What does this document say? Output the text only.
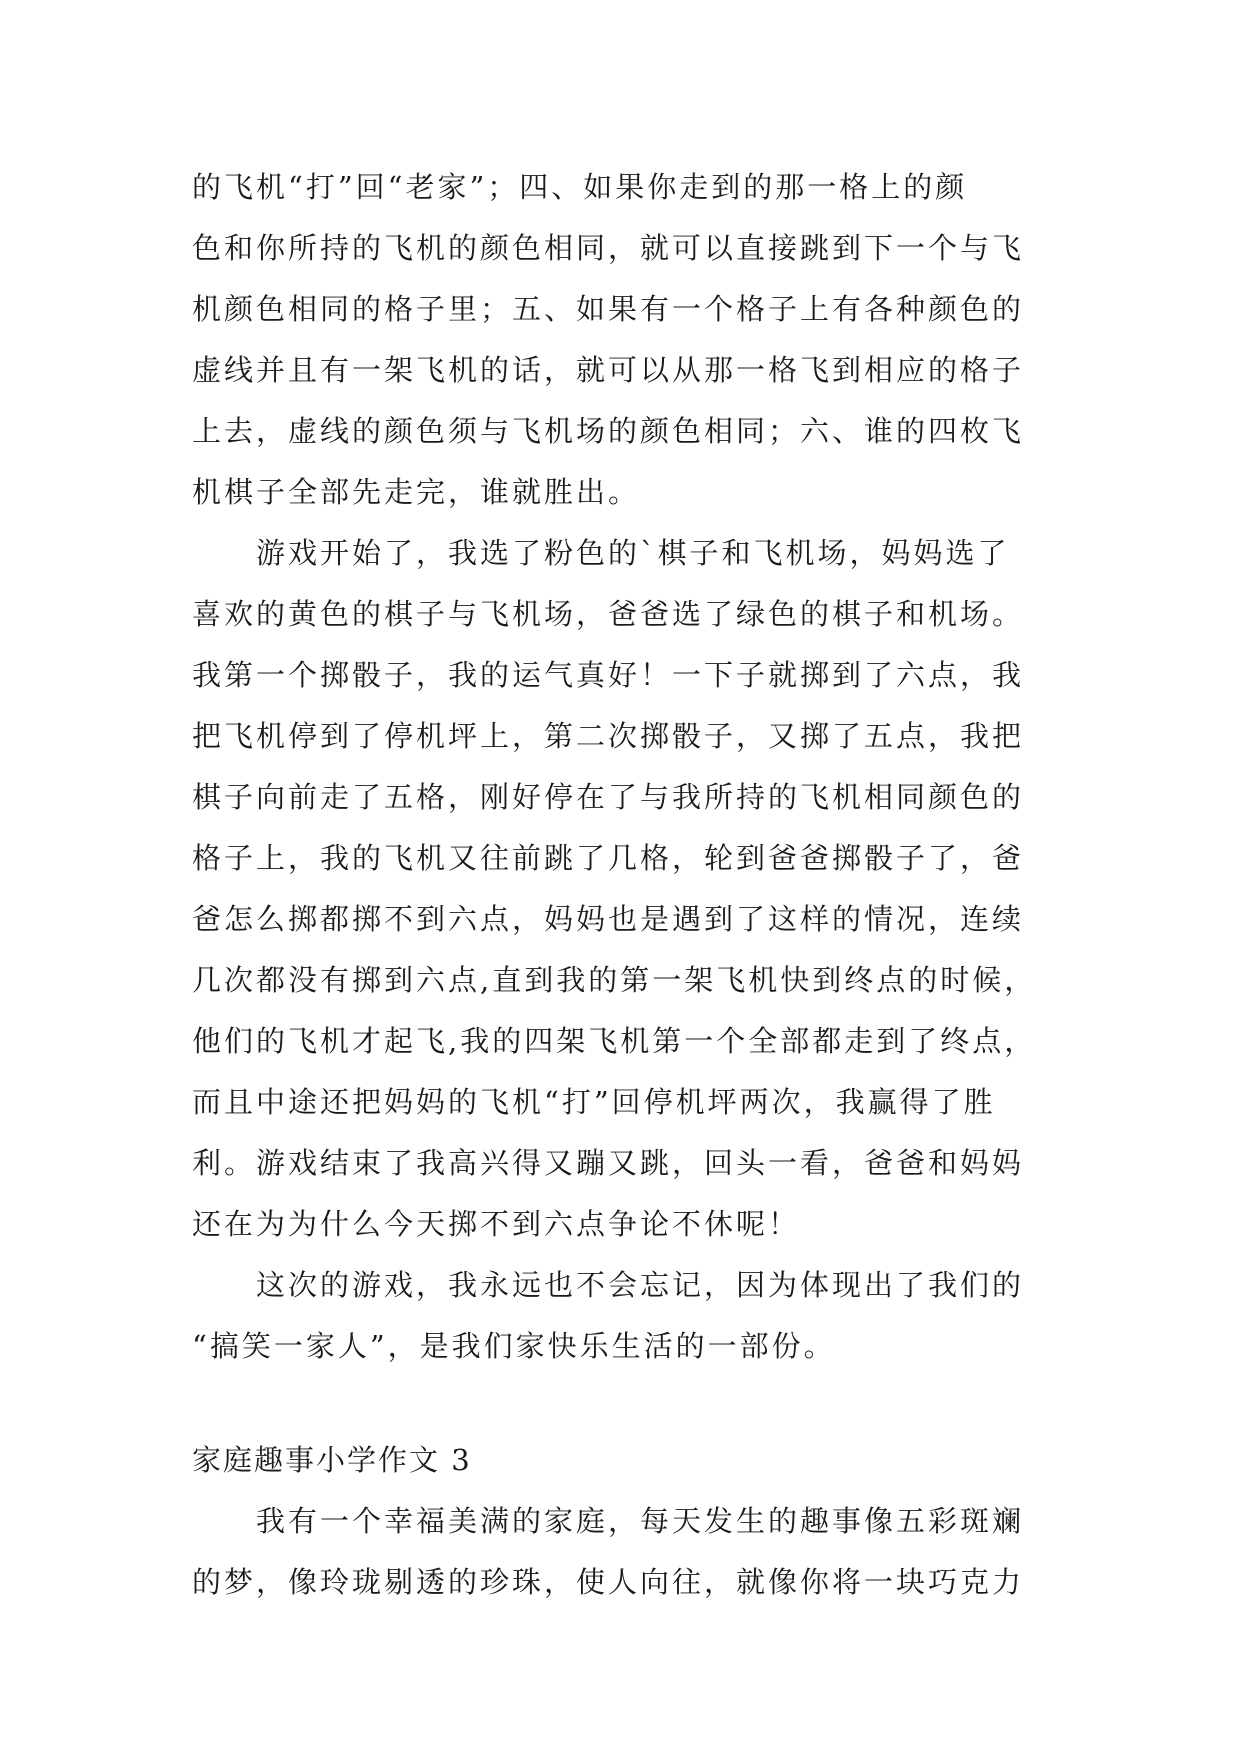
的飞机“打”回“老家”；四、如果你走到的那一格上的颜
色和你所持的飞机的颜色相同，就可以直接跳到下一个与飞
机颜色相同的格子里；五、如果有一个格子上有各种颜色的
虚线并且有一架飞机的话，就可以从那一格飞到相应的格子
上去，虚线的颜色须与飞机场的颜色相同；六、谁的四枚飞
机棋子全部先走完，谁就胜出。
游戏开始了，我选了粉色的`棋子和飞机场，妈妈选了
喜欢的黄色的棋子与飞机场，爸爸选了绿色的棋子和机场。
我第一个掷骰子，我的运气真好！一下子就掷到了六点，我
把飞机停到了停机坪上，第二次掷骰子，又掷了五点，我把
棋子向前走了五格，刚好停在了与我所持的飞机相同颜色的
格子上，我的飞机又往前跳了几格，轮到爸爸掷骰子了，爸
爸怎么掷都掷不到六点，妈妈也是遇到了这样的情况，连续
几次都没有掷到六点,直到我的第一架飞机快到终点的时候，
他们的飞机才起飞,我的四架飞机第一个全部都走到了终点，
而且中途还把妈妈的飞机“打”回停机坪两次，我赢得了胜
利。游戏结束了我高兴得又蹦又跳，回头一看，爸爸和妈妈
还在为为什么今天掷不到六点争论不休呢！
这次的游戏，我永远也不会忘记，因为体现出了我们的
“搞笑一家人”，是我们家快乐生活的一部份。
家庭趣事小学作文 3
我有一个幸福美满的家庭，每天发生的趣事像五彩斑斓
的梦，像玲珑剔透的珍珠，使人向往，就像你将一块巧克力
